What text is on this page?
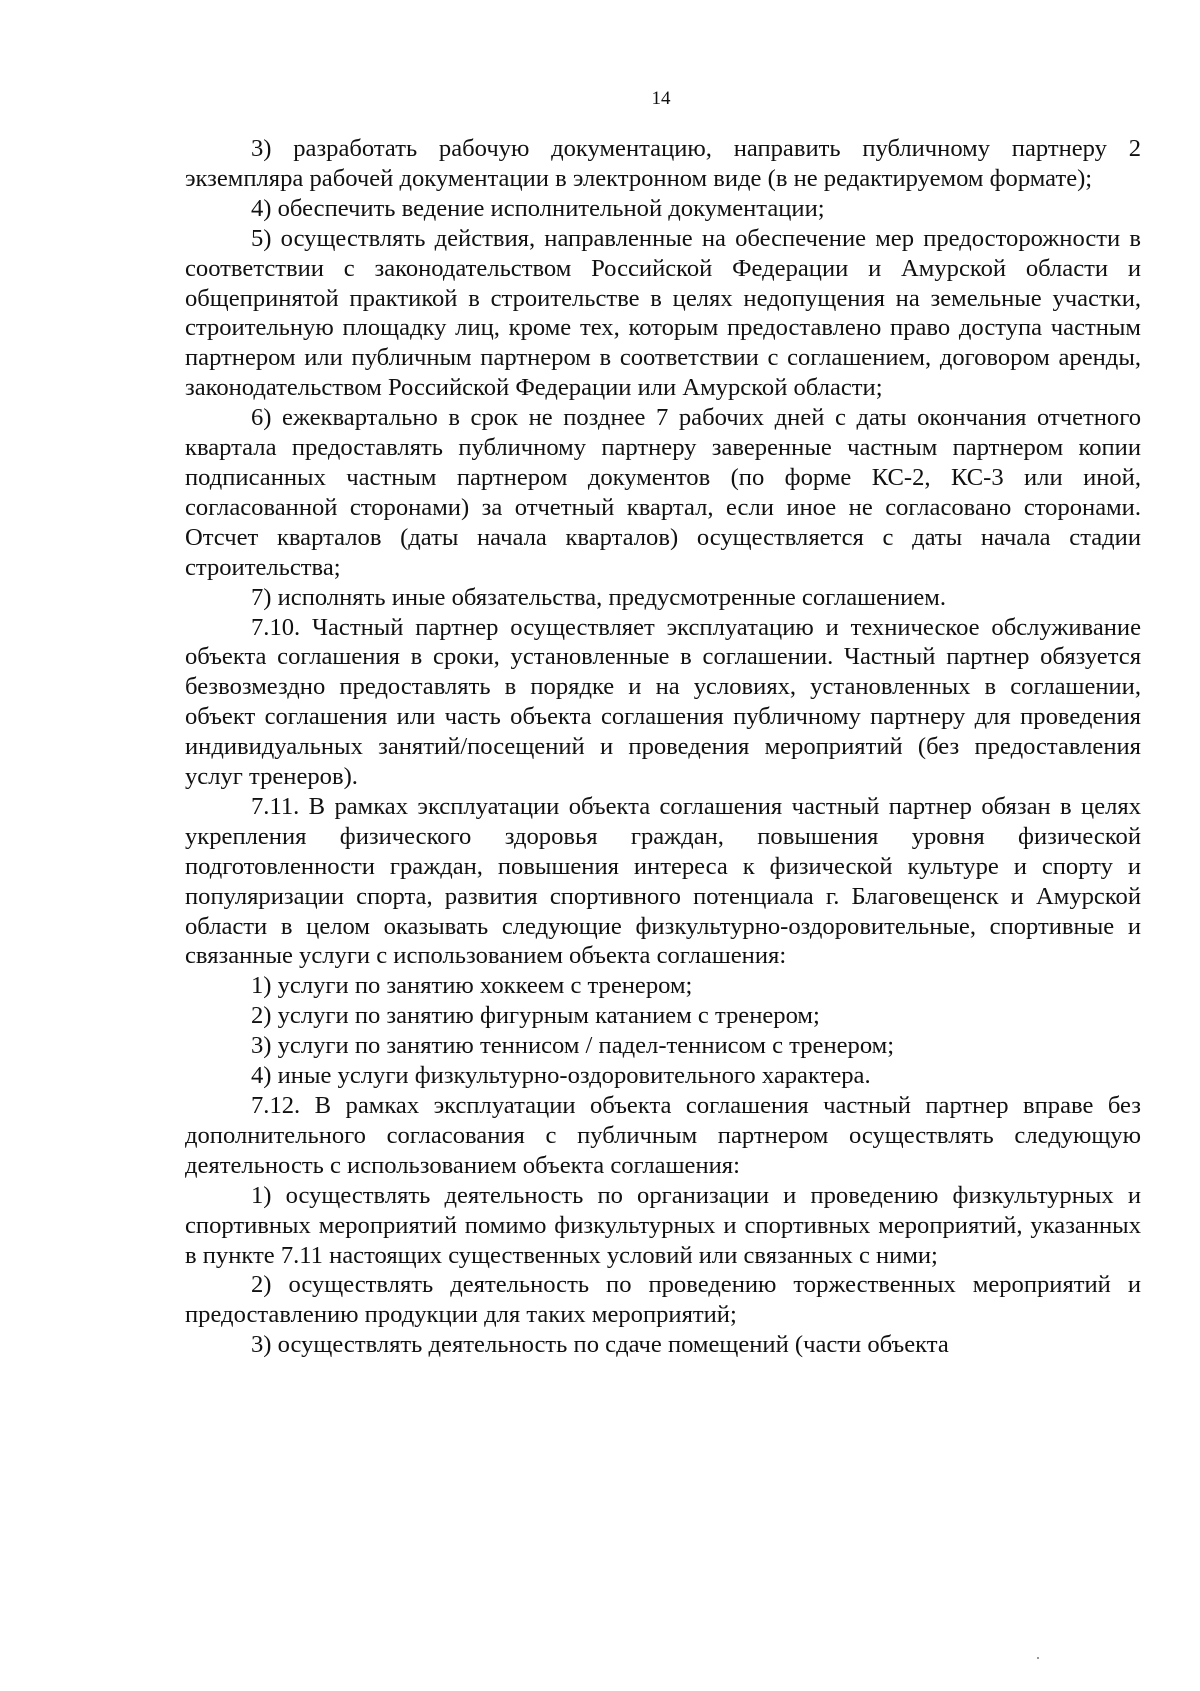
14

3) разработать рабочую документацию, направить публичному партнеру 2 экземпляра рабочей документации в электронном виде (в не редактируемом формате);

4) обеспечить ведение исполнительной документации;

5) осуществлять действия, направленные на обеспечение мер предосторожности в соответствии с законодательством Российской Федерации и Амурской области и общепринятой практикой в строительстве в целях недопущения на земельные участки, строительную площадку лиц, кроме тех, которым предоставлено право доступа частным партнером или публичным партнером в соответствии с соглашением, договором аренды, законодательством Российской Федерации или Амурской области;

6) ежеквартально в срок не позднее 7 рабочих дней с даты окончания отчетного квартала предоставлять публичному партнеру заверенные частным партнером копии подписанных частным партнером документов (по форме КС-2, КС-3 или иной, согласованной сторонами) за отчетный квартал, если иное не согласовано сторонами. Отсчет кварталов (даты начала кварталов) осуществляется с даты начала стадии строительства;

7) исполнять иные обязательства, предусмотренные соглашением.

7.10. Частный партнер осуществляет эксплуатацию и техническое обслуживание объекта соглашения в сроки, установленные в соглашении. Частный партнер обязуется безвозмездно предоставлять в порядке и на условиях, установленных в соглашении, объект соглашения или часть объекта соглашения публичному партнеру для проведения индивидуальных занятий/посещений и проведения мероприятий (без предоставления услуг тренеров).

7.11. В рамках эксплуатации объекта соглашения частный партнер обязан в целях укрепления физического здоровья граждан, повышения уровня физической подготовленности граждан, повышения интереса к физической культуре и спорту и популяризации спорта, развития спортивного потенциала г. Благовещенск и Амурской области в целом оказывать следующие физкультурно-оздоровительные, спортивные и связанные услуги с использованием объекта соглашения:

1) услуги по занятию хоккеем с тренером;

2) услуги по занятию фигурным катанием с тренером;

3) услуги по занятию теннисом / падел-теннисом с тренером;

4) иные услуги физкультурно-оздоровительного характера.

7.12. В рамках эксплуатации объекта соглашения частный партнер вправе без дополнительного согласования с публичным партнером осуществлять следующую деятельность с использованием объекта соглашения:

1) осуществлять деятельность по организации и проведению физкультурных и спортивных мероприятий помимо физкультурных и спортивных мероприятий, указанных в пункте 7.11 настоящих существенных условий или связанных с ними;

2) осуществлять деятельность по проведению торжественных мероприятий и предоставлению продукции для таких мероприятий;

3) осуществлять деятельность по сдаче помещений (части объекта
